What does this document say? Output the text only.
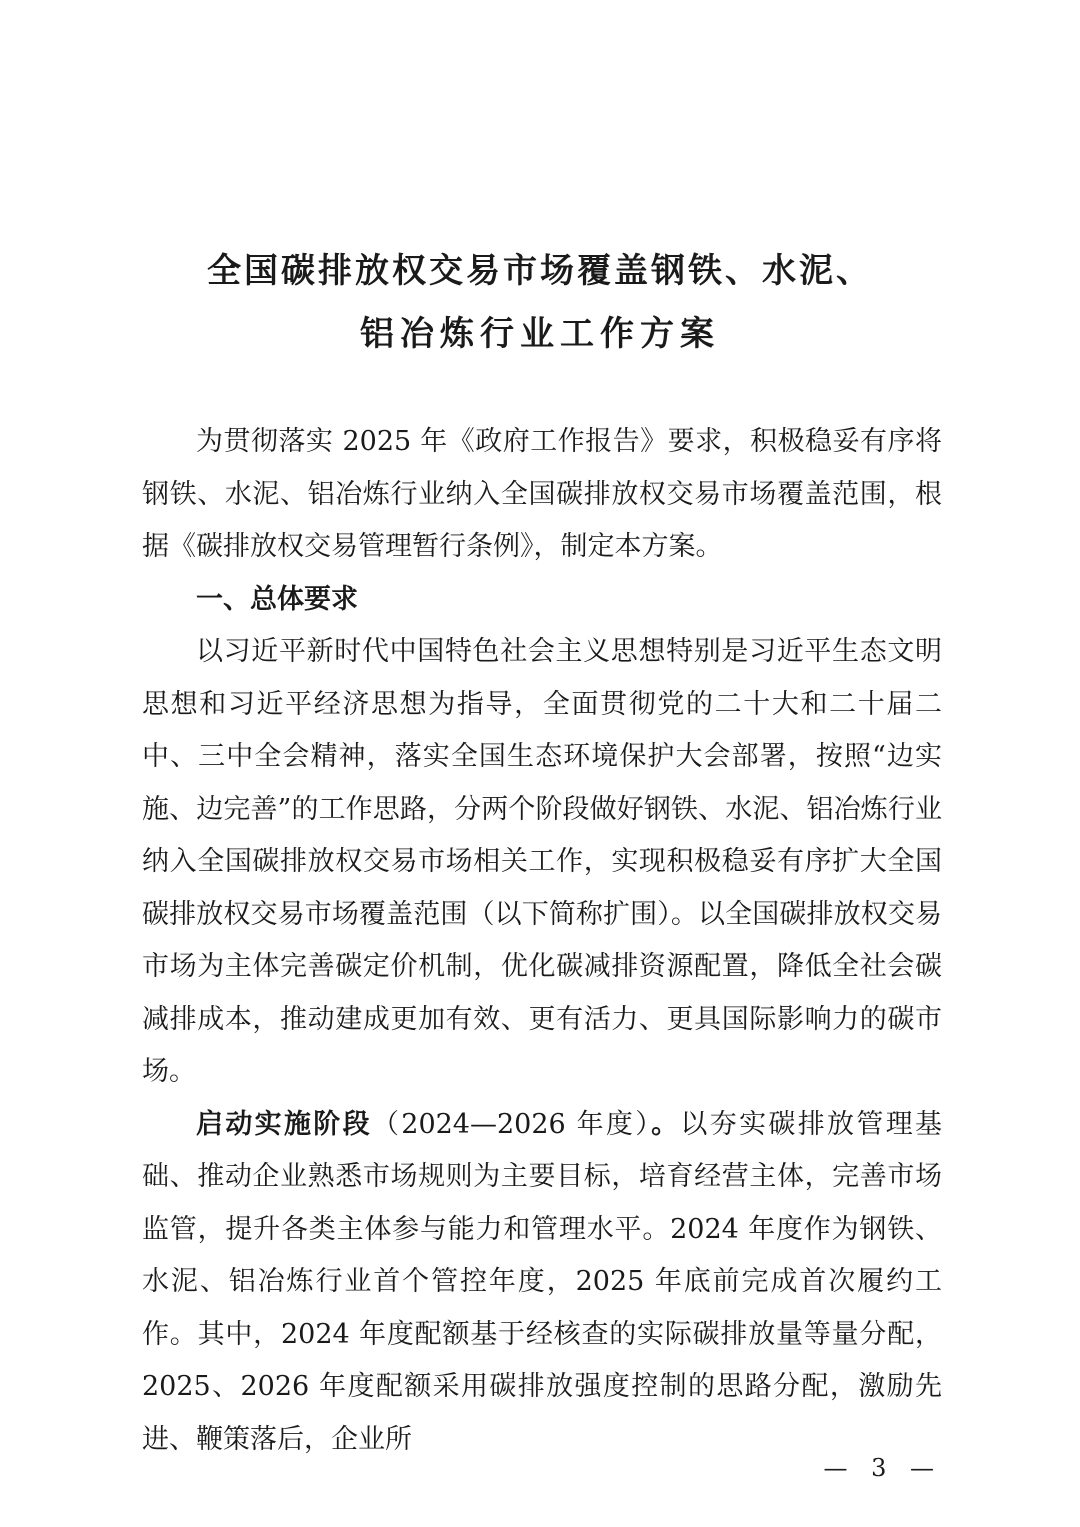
全国碳排放权交易市场覆盖钢铁、水泥、
铝冶炼行业工作方案

为贯彻落实 2025 年《政府工作报告》要求，积极稳妥有序将钢铁、水泥、铝冶炼行业纳入全国碳排放权交易市场覆盖范围，根据《碳排放权交易管理暂行条例》，制定本方案。

一、总体要求

以习近平新时代中国特色社会主义思想特别是习近平生态文明思想和习近平经济思想为指导，全面贯彻党的二十大和二十届二中、三中全会精神，落实全国生态环境保护大会部署，按照“边实施、边完善”的工作思路，分两个阶段做好钢铁、水泥、铝冶炼行业纳入全国碳排放权交易市场相关工作，实现积极稳妥有序扩大全国碳排放权交易市场覆盖范围（以下简称扩围）。以全国碳排放权交易市场为主体完善碳定价机制，优化碳减排资源配置，降低全社会碳减排成本，推动建成更加有效、更有活力、更具国际影响力的碳市场。

启动实施阶段（2024—2026 年度）。以夯实碳排放管理基础、推动企业熟悉市场规则为主要目标，培育经营主体，完善市场监管，提升各类主体参与能力和管理水平。2024 年度作为钢铁、水泥、铝冶炼行业首个管控年度，2025 年底前完成首次履约工作。其中，2024 年度配额基于经核查的实际碳排放量等量分配，2025、2026 年度配额采用碳排放强度控制的思路分配，激励先进、鞭策落后，企业所

— 3 —
